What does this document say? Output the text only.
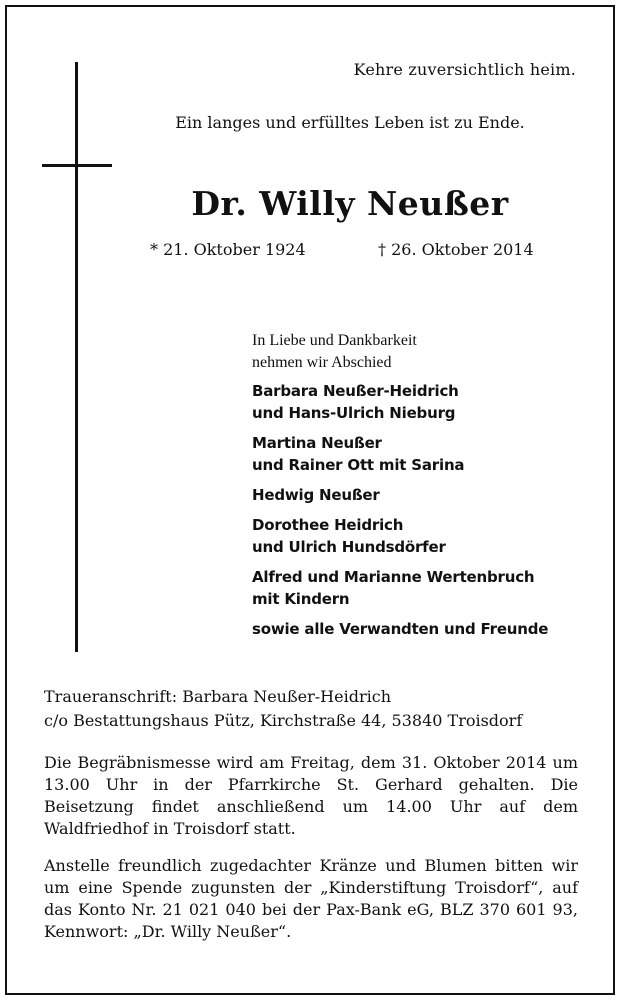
Kehre zuversichtlich heim.
Ein langes und erfülltes Leben ist zu Ende.
Dr. Willy Neußer
* 21. Oktober 1924	† 26. Oktober 2014
In Liebe und Dankbarkeit
nehmen wir Abschied
Barbara Neußer-Heidrich
und Hans-Ulrich Nieburg
Martina Neußer
und Rainer Ott mit Sarina
Hedwig Neußer
Dorothee Heidrich
und Ulrich Hundsdörfer
Alfred und Marianne Wertenbruch
mit Kindern
sowie alle Verwandten und Freunde
Traueranschrift: Barbara Neußer-Heidrich
c/o Bestattungshaus Pütz, Kirchstraße 44, 53840 Troisdorf
Die Begräbnismesse wird am Freitag, dem 31. Oktober 2014 um 13.00 Uhr in der Pfarrkirche St. Gerhard gehalten. Die Beisetzung findet anschließend um 14.00 Uhr auf dem Waldfriedhof in Troisdorf statt.
Anstelle freundlich zugedachter Kränze und Blumen bitten wir um eine Spende zugunsten der „Kinderstiftung Troisdorf“, auf das Konto Nr. 21 021 040 bei der Pax-Bank eG, BLZ 370 601 93, Kennwort: „Dr. Willy Neußer“.
